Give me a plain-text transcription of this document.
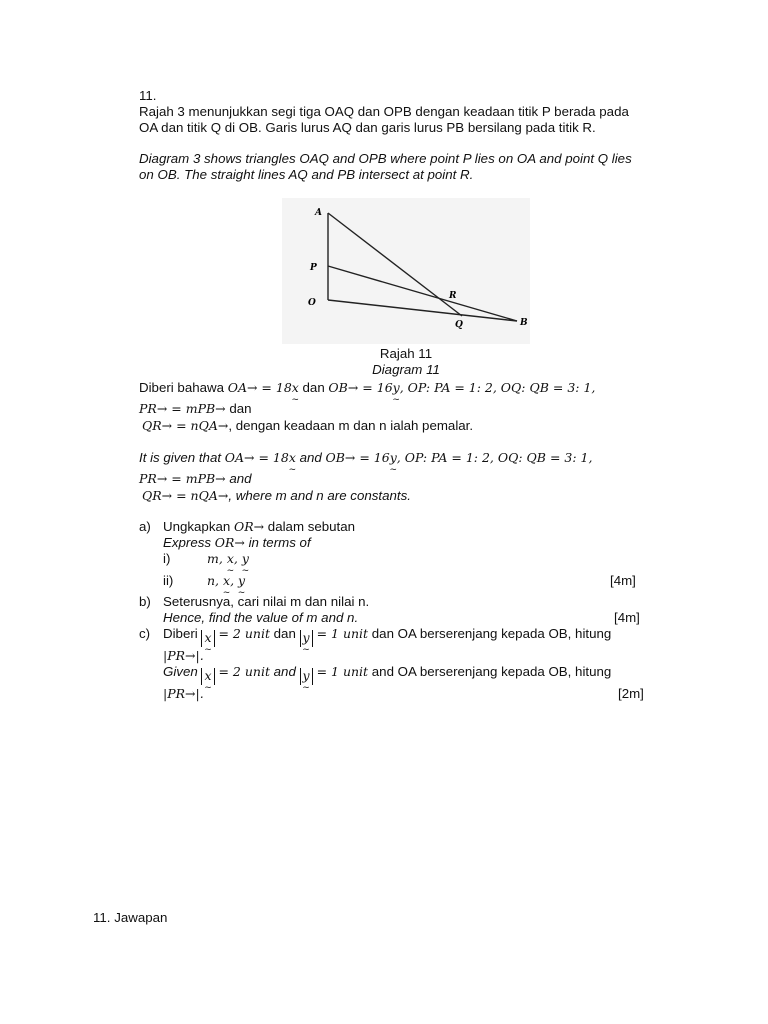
11.
Rajah 3 menunjukkan segi tiga OAQ dan OPB dengan keadaan titik P berada pada
OA dan titik Q di OB. Garis lurus AQ dan garis lurus PB bersilang pada titik R.
Diagram 3 shows triangles OAQ and OPB where point P lies on OA and point Q lies
on OB. The straight lines AQ and PB intersect at point R.
A
P
O
R
Q	B
Rajah 11
Diagram 11
Diberi bahawa OA→ = 18x ~ dan OB→ = 16y ~, OP: PA = 1: 2, OQ: QB = 3: 1,
PR→ = mPB→ dan
QR→ = nQA→, dengan keadaan m dan n ialah pemalar.
It is given that OA→ = 18x ~ and OB→ = 16y ~, OP: PA = 1: 2, OQ: QB = 3: 1,
PR→ = mPB→ and
QR→ = nQA→, where m and n are constants.
a) Ungkapkan OR→ dalam sebutan
Express OR→ in terms of
i)	m, x ~, y ~
ii)	n, x ~, y ~	[4m]
b) Seterusnya, cari nilai m dan nilai n.
Hence, find the value of m and n.	[4m]
c) Diberi x ~ = 2 unit dan y ~ = 1 unit dan OA berserenjang kepada OB, hitung
|PR→|.
Given x ~ = 2 unit and y ~ = 1 unit and OA berserenjang kepada OB, hitung
|PR→|.	[2m]
11. Jawapan
